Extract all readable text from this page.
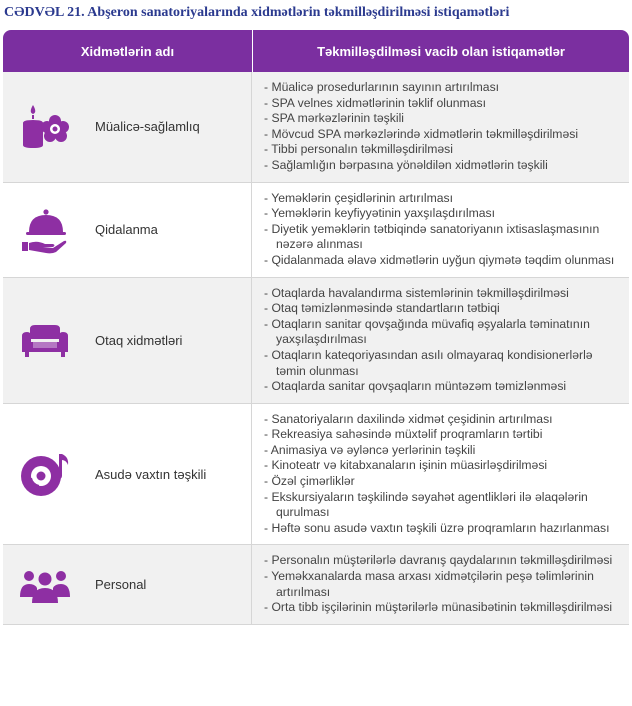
CƏDVƏL 21. Abşeron sanatoriyalarında xidmətlərin təkmilləşdirilməsi istiqamətləri
Xidmətlərin adı	Təkmilləşdilməsi vacib olan istiqamətlər
Müalicə-sağlamlıq
- Müalicə prosedurlarının sayının artırılması
- SPA velnes xidmətlərinin təklif olunması
- SPA mərkəzlərinin təşkili
- Mövcud SPA mərkəzlərində xidmətlərin təkmilləşdirilməsi
- Tibbi personalın təkmilləşdirilməsi
- Sağlamlığın bərpasına yönəldilən xidmətlərin təşkili
Qidalanma
- Yeməklərin çeşidlərinin artırılması
- Yeməklərin keyfiyyətinin yaxşılaşdırılması
- Diyetik yeməklərin tətbiqində sanatoriyanın ixtisaslaşmasının nəzərə alınması
- Qidalanmada əlavə xidmətlərin uyğun qiymətə təqdim olunması
Otaq xidmətləri
- Otaqlarda havalandırma sistemlərinin təkmilləşdirilməsi
- Otaq təmizlənməsində standartların tətbiqi
- Otaqların sanitar qovşağında müvafiq əşyalarla təminatının yaxşılaşdırılması
- Otaqların kateqoriyasından asılı olmayaraq kondisionerlərlə təmin olunması
- Otaqlarda sanitar qovşaqların müntəzəm təmizlənməsi
Asudə vaxtın təşkili
- Sanatoriyaların daxilində xidmət çeşidinin artırılması
- Rekreasiya sahəsində müxtəlif proqramların tərtibi
- Animasiya və əyləncə yerlərinin təşkili
- Kinoteatr və kitabxanaların işinin müasirləşdirilməsi
- Özəl çimərliklər
- Ekskursiyaların təşkilində səyahət agentlikləri ilə əlaqələrin qurulması
- Həftə sonu asudə vaxtın təşkili üzrə proqramların hazırlanması
Personal
- Personalın müştərilərlə davranış qaydalarının təkmilləşdirilməsi
- Yeməkxanalarda masa arxası xidmətçilərin peşə təlimlərinin artırılması
- Orta tibb işçilərinin müştərilərlə münasibətinin təkmilləşdirilməsi
